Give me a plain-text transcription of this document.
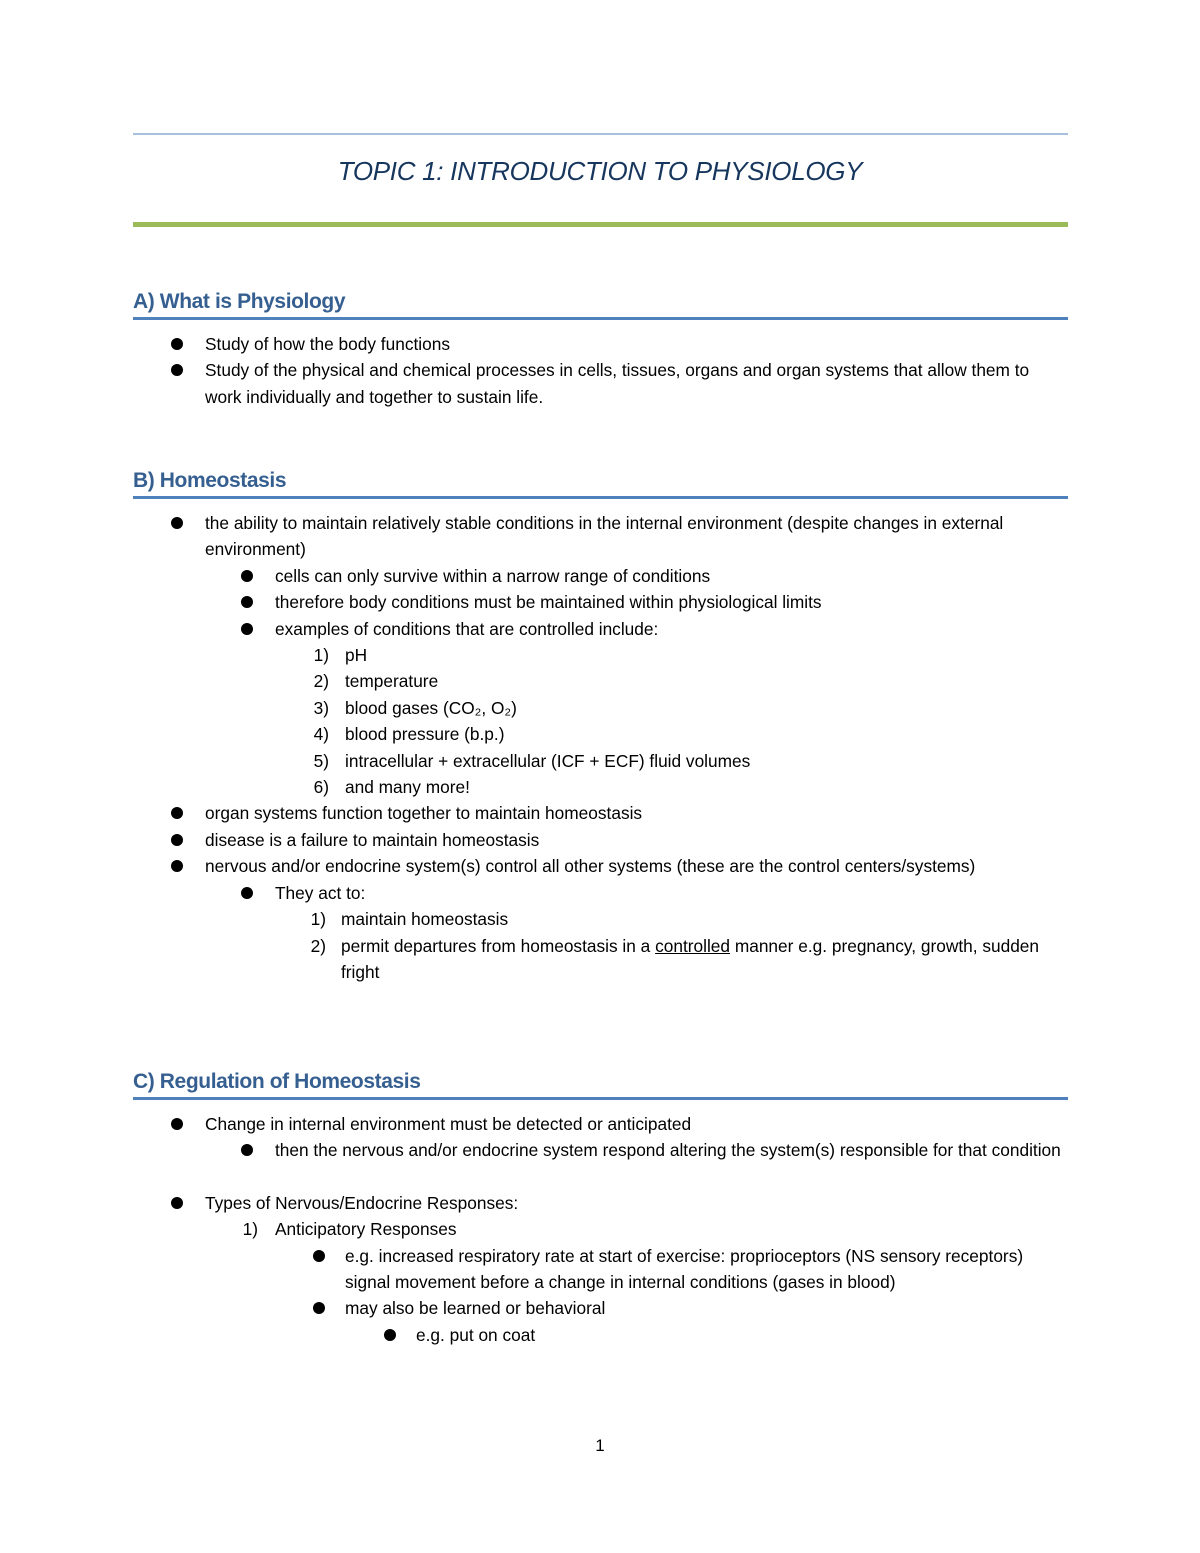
TOPIC 1: INTRODUCTION TO PHYSIOLOGY
A) What is Physiology
Study of how the body functions
Study of the physical and chemical processes in cells, tissues, organs and organ systems that allow them to work individually and together to sustain life.
B) Homeostasis
the ability to maintain relatively stable conditions in the internal environment (despite changes in external environment)
cells can only survive within a narrow range of conditions
therefore body conditions must be maintained within physiological limits
examples of conditions that are controlled include:
1) pH
2) temperature
3) blood gases (CO₂, O₂)
4) blood pressure (b.p.)
5) intracellular + extracellular (ICF + ECF) fluid volumes
6) and many more!
organ systems function together to maintain homeostasis
disease is a failure to maintain homeostasis
nervous and/or endocrine system(s) control all other systems (these are the control centers/systems)
They act to:
1) maintain homeostasis
2) permit departures from homeostasis in a controlled manner e.g. pregnancy, growth, sudden fright
C) Regulation of Homeostasis
Change in internal environment must be detected or anticipated
then the nervous and/or endocrine system respond altering the system(s) responsible for that condition
Types of Nervous/Endocrine Responses:
1) Anticipatory Responses
e.g. increased respiratory rate at start of exercise: proprioceptors (NS sensory receptors) signal movement before a change in internal conditions (gases in blood)
may also be learned or behavioral
e.g. put on coat
1
